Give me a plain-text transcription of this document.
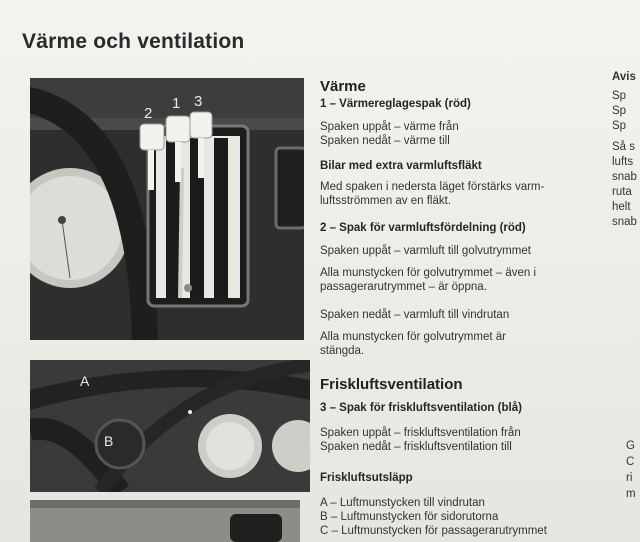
Värme och ventilation
2
1 3
A
B
Värme
1 – Värmereglagespak (röd)
Spaken uppåt – värme från
Spaken nedåt – värme till
Bilar med extra varmluftsfläkt
Med spaken i nedersta läget förstärks varm-
luftsströmmen av en fläkt.
2 – Spak för varmluftsfördelning (röd)
Spaken uppåt – varmluft till golvutrymmet
Alla munstycken för golvutrymmet – även i
passagerarutrymmet – är öppna.
Spaken nedåt – varmluft till vindrutan
Alla munstycken för golvutrymmet är
stängda.
Friskluftsventilation
3 – Spak för friskluftsventilation (blå)
Spaken uppåt – friskluftsventilation från
Spaken nedåt – friskluftsventilation till
Friskluftsutsläpp
A – Luftmunstycken till vindrutan
B – Luftmunstycken för sidorutorna
C – Luftmunstycken för passagerarutrymmet
Avis
Sp
Sp
Sp
Så s
lufts
snab
ruta
helt
snab
G
C
ri
m
